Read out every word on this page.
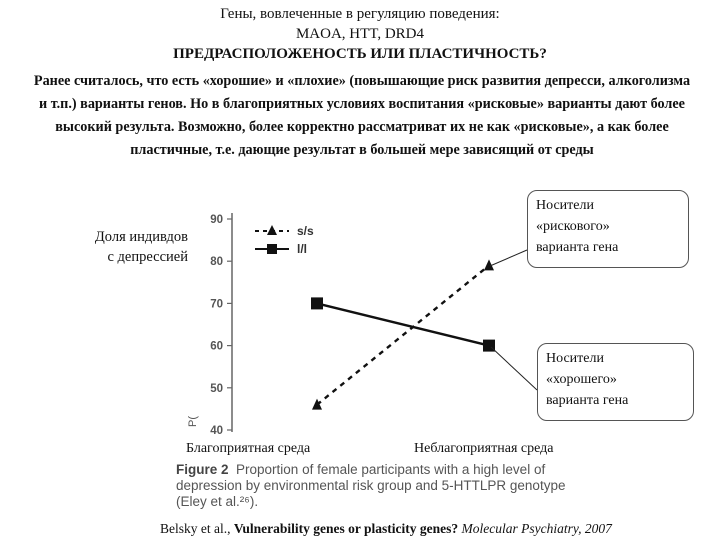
Гены, вовлеченные в регуляцию поведения:
MAOA, HTT, DRD4
ПРЕДРАСПОЛОЖЕНОСТЬ ИЛИ ПЛАСТИЧНОСТЬ?
Ранее считалось, что есть «хорошие» и «плохие» (повышающие риск развития депресси, алкоголизма и т.п.) варианты генов. Но в благоприятных условиях воспитания «рисковые» варианты дают более высокий результа. Возможно, более корректно рассматриват их не как «рисковые», а как более пластичные, т.е. дающие результат в большей мере зависящий от среды
Доля индивдов
с депрессией
P(
40
50
60
70
80
90
s/s
l/l
Носители
«рискового»
варианта гена
Носители
«хорошего»
варианта гена
Благоприятная среда	Неблагоприятная среда
Figure 2 Proportion of female participants with a high level of depression by environmental risk group and 5-HTTLPR genotype (Eley et al.²⁶).
Belsky et al., Vulnerability genes or plasticity genes? Molecular Psychiatry, 2007
